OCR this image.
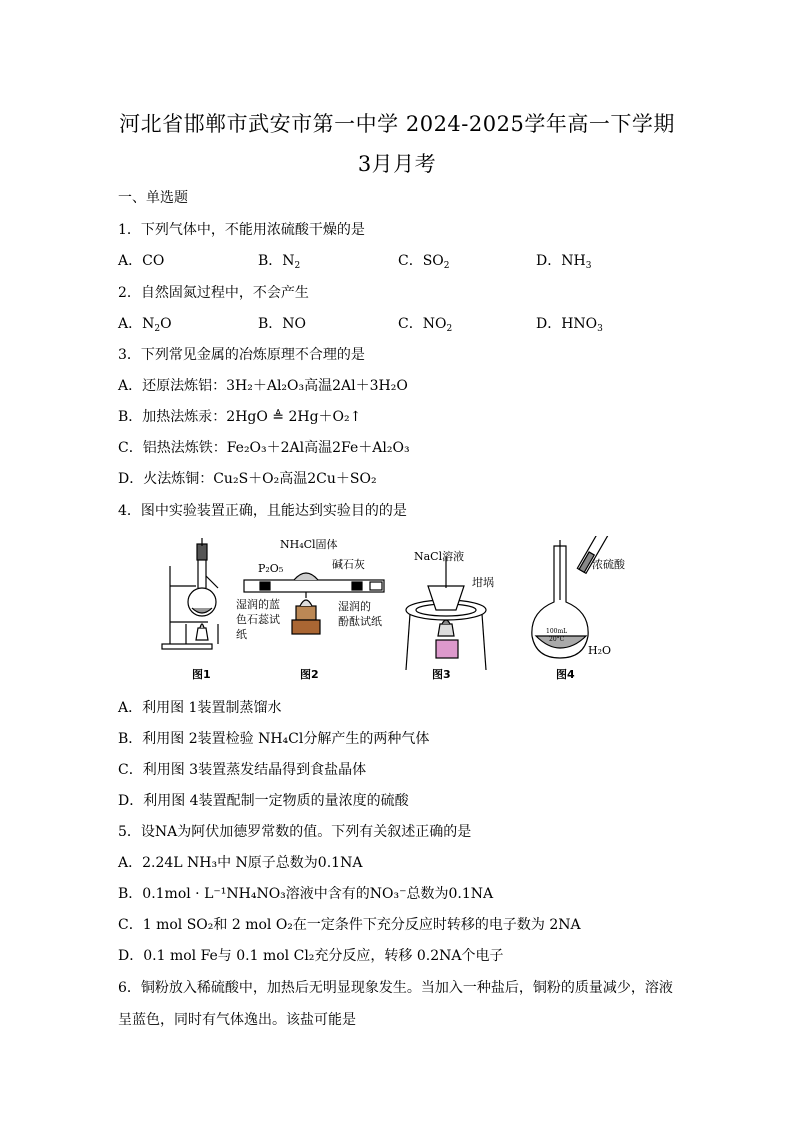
河北省邯郸市武安市第一中学 2024-2025学年高一下学期
3月月考
一、单选题
1．下列气体中，不能用浓硫酸干燥的是
A．CO	B．$N_2$	C．$SO_2$	D．$NH_3$
2．自然固氮过程中，不会产生
A．$N_2O$	B．NO	C．$NO_2$	D．$HNO_3$
3．下列常见金属的冶炼原理不合理的是
A．还原法炼铝：3H₂＋Al₂O₃高温2Al＋3H₂O
B．加热法炼汞：2HgO ≜ 2Hg＋O₂↑
C．铝热法炼铁：Fe₂O₃＋2Al高温2Fe＋Al₂O₃
D．火法炼铜：Cu₂S＋O₂高温2Cu＋SO₂
4．图中实验装置正确，且能达到实验目的的是
图1
NH₄Cl固体
P₂O₅	碱石灰
湿润的蓝
色石蕊试
纸
湿润的
酚酞试纸
图2
NaCl溶液
坩埚
图3
浓硫酸
H₂O
100mL
20°C
图4
A．利用图 1装置制蒸馏水
B．利用图 2装置检验 NH₄Cl分解产生的两种气体
C．利用图 3装置蒸发结晶得到食盐晶体
D．利用图 4装置配制一定物质的量浓度的硫酸
5．设NA为阿伏加德罗常数的值。下列有关叙述正确的是
A．2.24L NH₃中 N原子总数为0.1NA
B．0.1mol · L⁻¹NH₄NO₃溶液中含有的NO₃⁻总数为0.1NA
C．1 mol SO₂和 2 mol O₂在一定条件下充分反应时转移的电子数为 2NA
D．0.1 mol Fe与 0.1 mol Cl₂充分反应，转移 0.2NA个电子
6．铜粉放入稀硫酸中，加热后无明显现象发生。当加入一种盐后，铜粉的质量减少，溶液
呈蓝色，同时有气体逸出。该盐可能是
